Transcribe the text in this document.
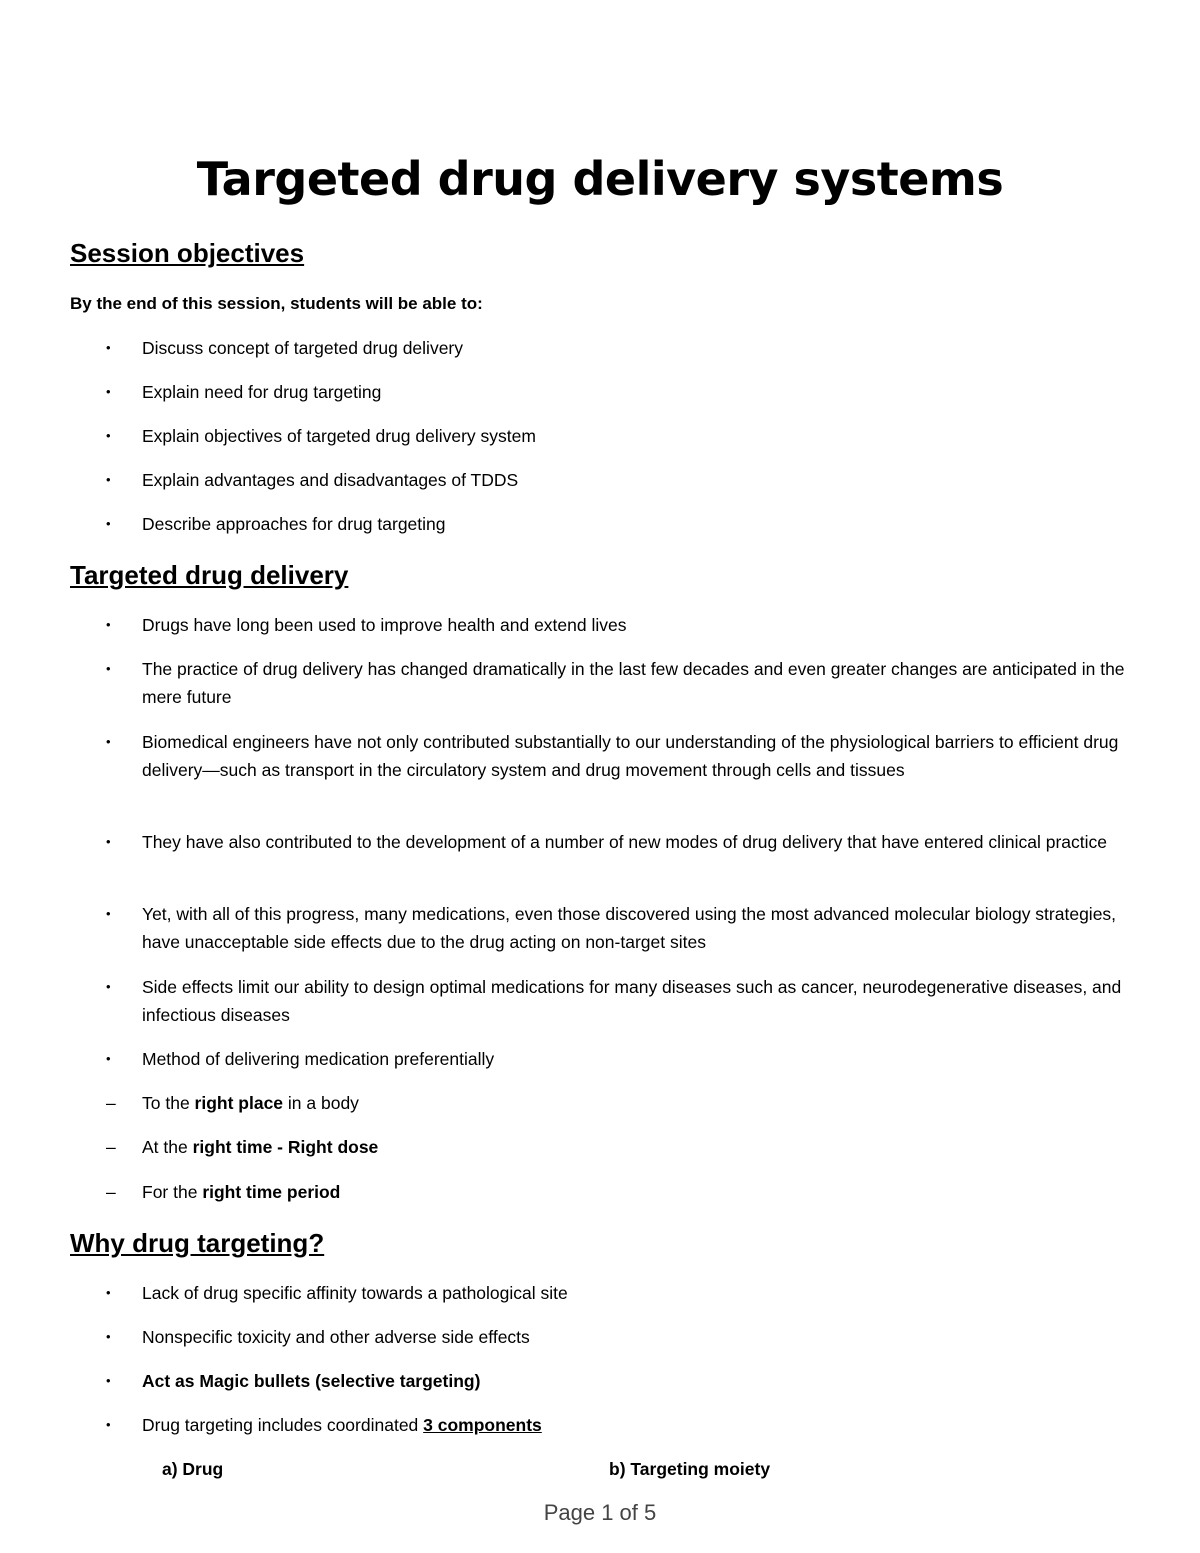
Targeted drug delivery systems
Session objectives
By the end of this session, students will be able to:
•	Discuss concept of targeted drug delivery
•	Explain need for drug targeting
•	Explain objectives of targeted drug delivery system
•	Explain advantages and disadvantages of TDDS
•	Describe approaches for drug targeting
Targeted drug delivery
•	Drugs have long been used to improve health and extend lives
•	The practice of drug delivery has changed dramatically in the last few decades and even greater changes are anticipated in the mere future
•	Biomedical engineers have not only contributed substantially to our understanding of the physiological barriers to efficient drug delivery—such as transport in the circulatory system and drug movement through cells and tissues
•	They have also contributed to the development of a number of new modes of drug delivery that have entered clinical practice
•	Yet, with all of this progress, many medications, even those discovered using the most advanced molecular biology strategies, have unacceptable side effects due to the drug acting on non-target sites
•	Side effects limit our ability to design optimal medications for many diseases such as cancer, neurodegenerative diseases, and infectious diseases
•	Method of delivering medication preferentially
–	To the right place in a body
–	At the right time - Right dose
–	For the right time period
Why drug targeting?
•	Lack of drug specific affinity towards a pathological site
•	Nonspecific toxicity and other adverse side effects
•	Act as Magic bullets (selective targeting)
•	Drug targeting includes coordinated 3 components
a) Drug	b) Targeting moiety
Page 1 of 5
